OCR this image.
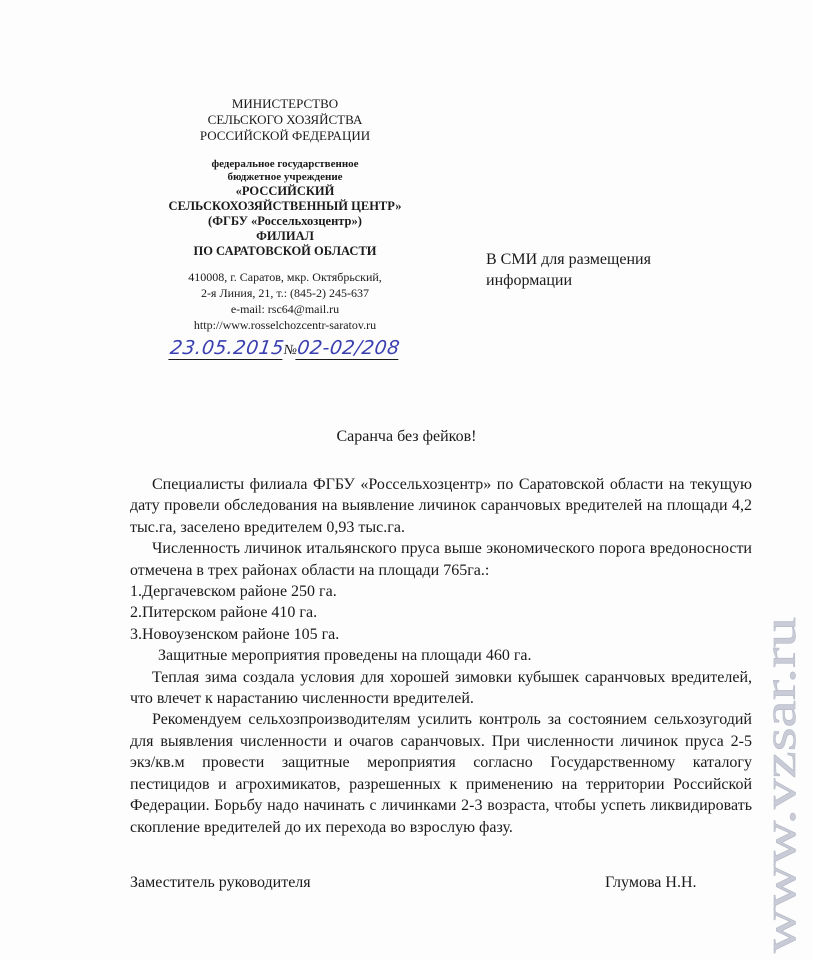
МИНИСТЕРСТВО
СЕЛЬСКОГО ХОЗЯЙСТВА
РОССИЙСКОЙ ФЕДЕРАЦИИ
федеральное государственное
бюджетное учреждение
«РОССИЙСКИЙ
СЕЛЬСКОХОЗЯЙСТВЕННЫЙ ЦЕНТР»
(ФГБУ «Россельхозцентр»)
ФИЛИАЛ
ПО САРАТОВСКОЙ ОБЛАСТИ
410008, г. Саратов, мкр. Октябрьский,
2-я Линия, 21, т.: (845-2) 245-637
e-mail: rsc64@mail.ru
http://www.rosselchozcentr-saratov.ru
23.05.2015№02-02/208
В СМИ для размещения
информации
Саранча без фейков!

Специалисты филиала ФГБУ «Россельхозцентр» по Саратовской области на текущую дату провели обследования на выявление личинок саранчовых вредителей на площади 4,2 тыс.га, заселено вредителем 0,93 тыс.га.

Численность личинок итальянского пруса выше экономического порога вредоносности отмечена в трех районах области на площади 765га.:

1.Дергачевском районе 250 га.

2.Питерском районе 410 га.

3.Новоузенском районе 105 га.

Защитные мероприятия проведены на площади 460 га.

Теплая зима создала условия для хорошей зимовки кубышек саранчовых вредителей, что влечет к нарастанию численности вредителей.

Рекомендуем сельхозпроизводителям усилить контроль за состоянием сельхозугодий для выявления численности и очагов саранчовых. При численности личинок пруса 2-5 экз/кв.м провести защитные мероприятия согласно Государственному каталогу пестицидов и агрохимикатов, разрешенных к применению на территории Российской Федерации. Борьбу надо начинать с личинками 2-3 возраста, чтобы успеть ликвидировать скопление вредителей до их перехода во взрослую фазу.

Заместитель руководителя	Глумова Н.Н. www.vzsar.ru
